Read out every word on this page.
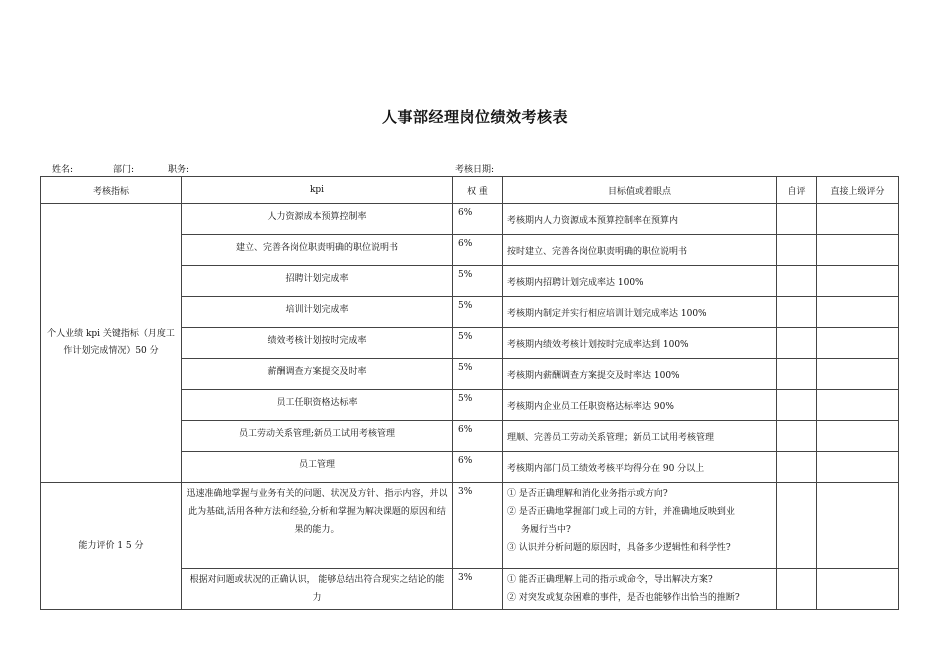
人事部经理岗位绩效考核表
姓名:	部门:	职务:	考核日期:
考核指标	kpi	权 重	目标值或着眼点	自评	直接上级评分
个人业绩 kpi 关键指标（月度工作计划完成情况）50 分	人力资源成本预算控制率	6%	考核期内人力资源成本预算控制率在预算内		
	建立、完善各岗位职责明确的职位说明书	6%	按时建立、完善各岗位职责明确的职位说明书		
	招聘计划完成率	5%	考核期内招聘计划完成率达 100%		
	培训计划完成率	5%	考核期内制定并实行相应培训计划完成率达 100%		
	绩效考核计划按时完成率	5%	考核期内绩效考核计划按时完成率达到 100%		
	薪酬调查方案提交及时率	5%	考核期内薪酬调查方案提交及时率达 100%		
	员工任职资格达标率	5%	考核期内企业员工任职资格达标率达 90%		
	员工劳动关系管理;新员工试用考核管理	6%	理顺、完善员工劳动关系管理；新员工试用考核管理		
	员工管理	6%	考核期内部门员工绩效考核平均得分在 90 分以上		
能力评价 1 5 分	迅速准确地掌握与业务有关的问题、状况及方针、指示内容，并以此为基础,活用各种方法和经验,分析和掌握为解决课题的原因和结果的能力。	3%	① 是否正确理解和消化业务指示或方向?
② 是否正确地掌握部门或上司的方针，并准确地反映到业
务履行当中?
③ 认识并分析问题的原因时，具备多少逻辑性和科学性?		

	根据对问题或状况的正确认识， 能够总结出符合现实之结论的能力	3%	① 能否正确理解上司的指示或命令，导出解决方案?
② 对突发或复杂困难的事件，是否也能够作出恰当的推断?		
